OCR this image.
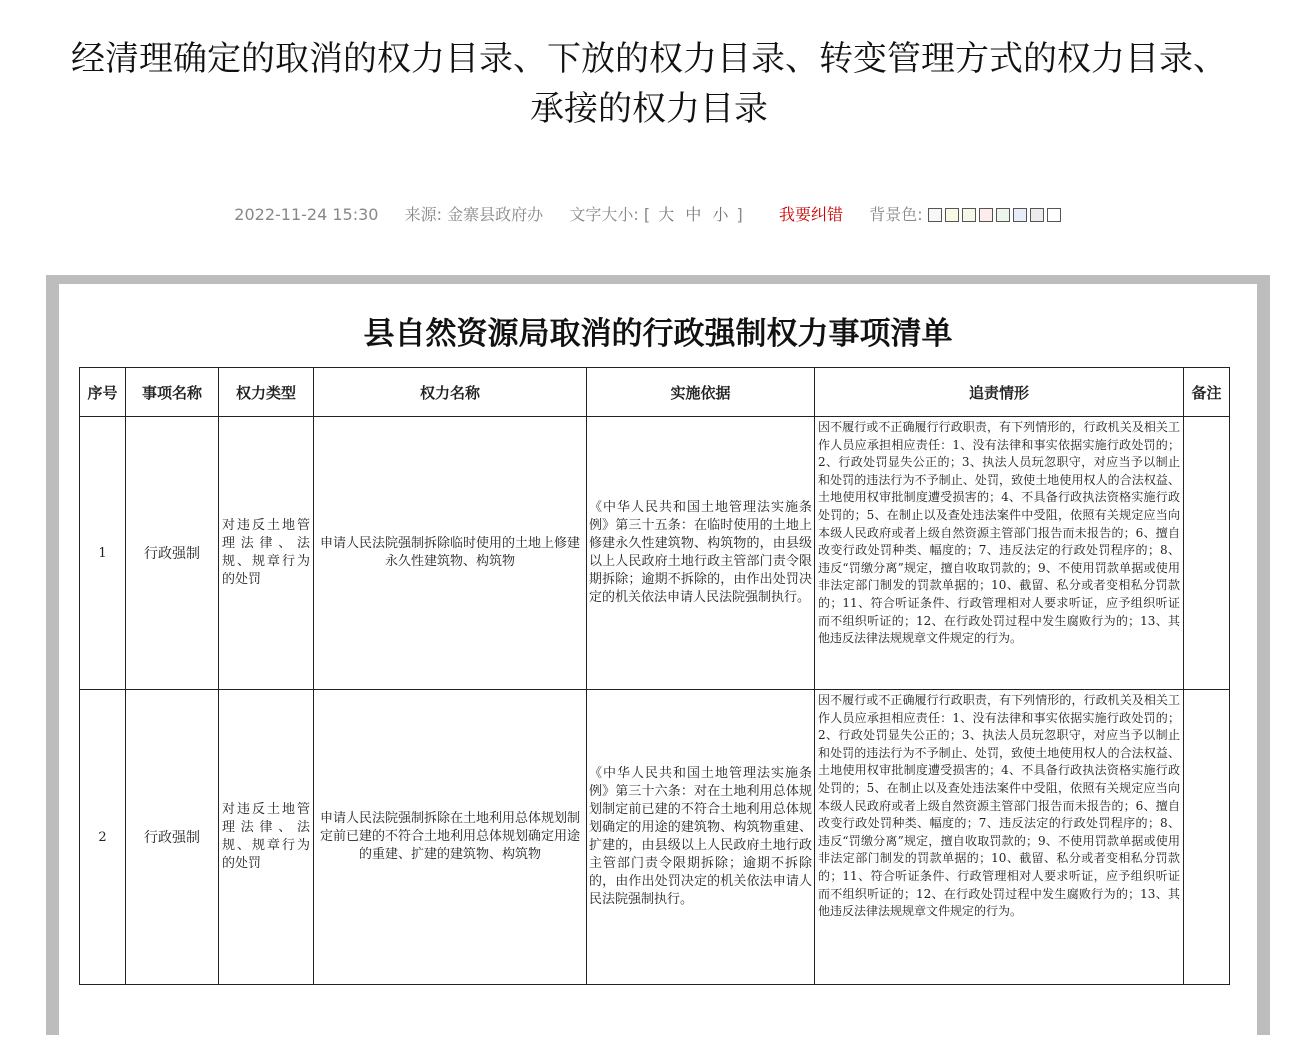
经清理确定的取消的权力目录、下放的权力目录、转变管理方式的权力目录、
承接的权力目录
2022-11-24 15:30 来源: 金寨县政府办 文字大小: [ 大 中 小 ] 我要纠错 背景色:
县自然资源局取消的行政强制权力事项清单
序号	事项名称	权力类型	权力名称	实施依据	追责情形	备注
1	行政强制	对违反土地管理法律、法规、规章行为的处罚	申请人民法院强制拆除临时使用的土地上修建永久性建筑物、构筑物	《中华人民共和国土地管理法实施条例》第三十五条：在临时使用的土地上修建永久性建筑物、构筑物的，由县级以上人民政府土地行政主管部门责令限期拆除；逾期不拆除的，由作出处罚决定的机关依法申请人民法院强制执行。	因不履行或不正确履行行政职责，有下列情形的，行政机关及相关工作人员应承担相应责任：1、没有法律和事实依据实施行政处罚的；2、行政处罚显失公正的；3、执法人员玩忽职守，对应当予以制止和处罚的违法行为不予制止、处罚，致使土地使用权人的合法权益、土地使用权审批制度遭受损害的；4、不具备行政执法资格实施行政处罚的；5、在制止以及查处违法案件中受阻，依照有关规定应当向本级人民政府或者上级自然资源主管部门报告而未报告的；6、擅自改变行政处罚种类、幅度的；7、违反法定的行政处罚程序的；8、违反“罚缴分离”规定，擅自收取罚款的；9、不使用罚款单据或使用非法定部门制发的罚款单据的；10、截留、私分或者变相私分罚款的；11、符合听证条件、行政管理相对人要求听证，应予组织听证而不组织听证的；12、在行政处罚过程中发生腐败行为的；13、其他违反法律法规规章文件规定的行为。	
2	行政强制	对违反土地管理法律、法规、规章行为的处罚	申请人民法院强制拆除在土地利用总体规划制定前已建的不符合土地利用总体规划确定用途的重建、扩建的建筑物、构筑物	《中华人民共和国土地管理法实施条例》第三十六条：对在土地利用总体规划制定前已建的不符合土地利用总体规划确定的用途的建筑物、构筑物重建、扩建的，由县级以上人民政府土地行政主管部门责令限期拆除；逾期不拆除的，由作出处罚决定的机关依法申请人民法院强制执行。	因不履行或不正确履行行政职责，有下列情形的，行政机关及相关工作人员应承担相应责任：1、没有法律和事实依据实施行政处罚的；2、行政处罚显失公正的；3、执法人员玩忽职守，对应当予以制止和处罚的违法行为不予制止、处罚，致使土地使用权人的合法权益、土地使用权审批制度遭受损害的；4、不具备行政执法资格实施行政处罚的；5、在制止以及查处违法案件中受阻，依照有关规定应当向本级人民政府或者上级自然资源主管部门报告而未报告的；6、擅自改变行政处罚种类、幅度的；7、违反法定的行政处罚程序的；8、违反“罚缴分离”规定，擅自收取罚款的；9、不使用罚款单据或使用非法定部门制发的罚款单据的；10、截留、私分或者变相私分罚款的；11、符合听证条件、行政管理相对人要求听证，应予组织听证而不组织听证的；12、在行政处罚过程中发生腐败行为的；13、其他违反法律法规规章文件规定的行为。	
